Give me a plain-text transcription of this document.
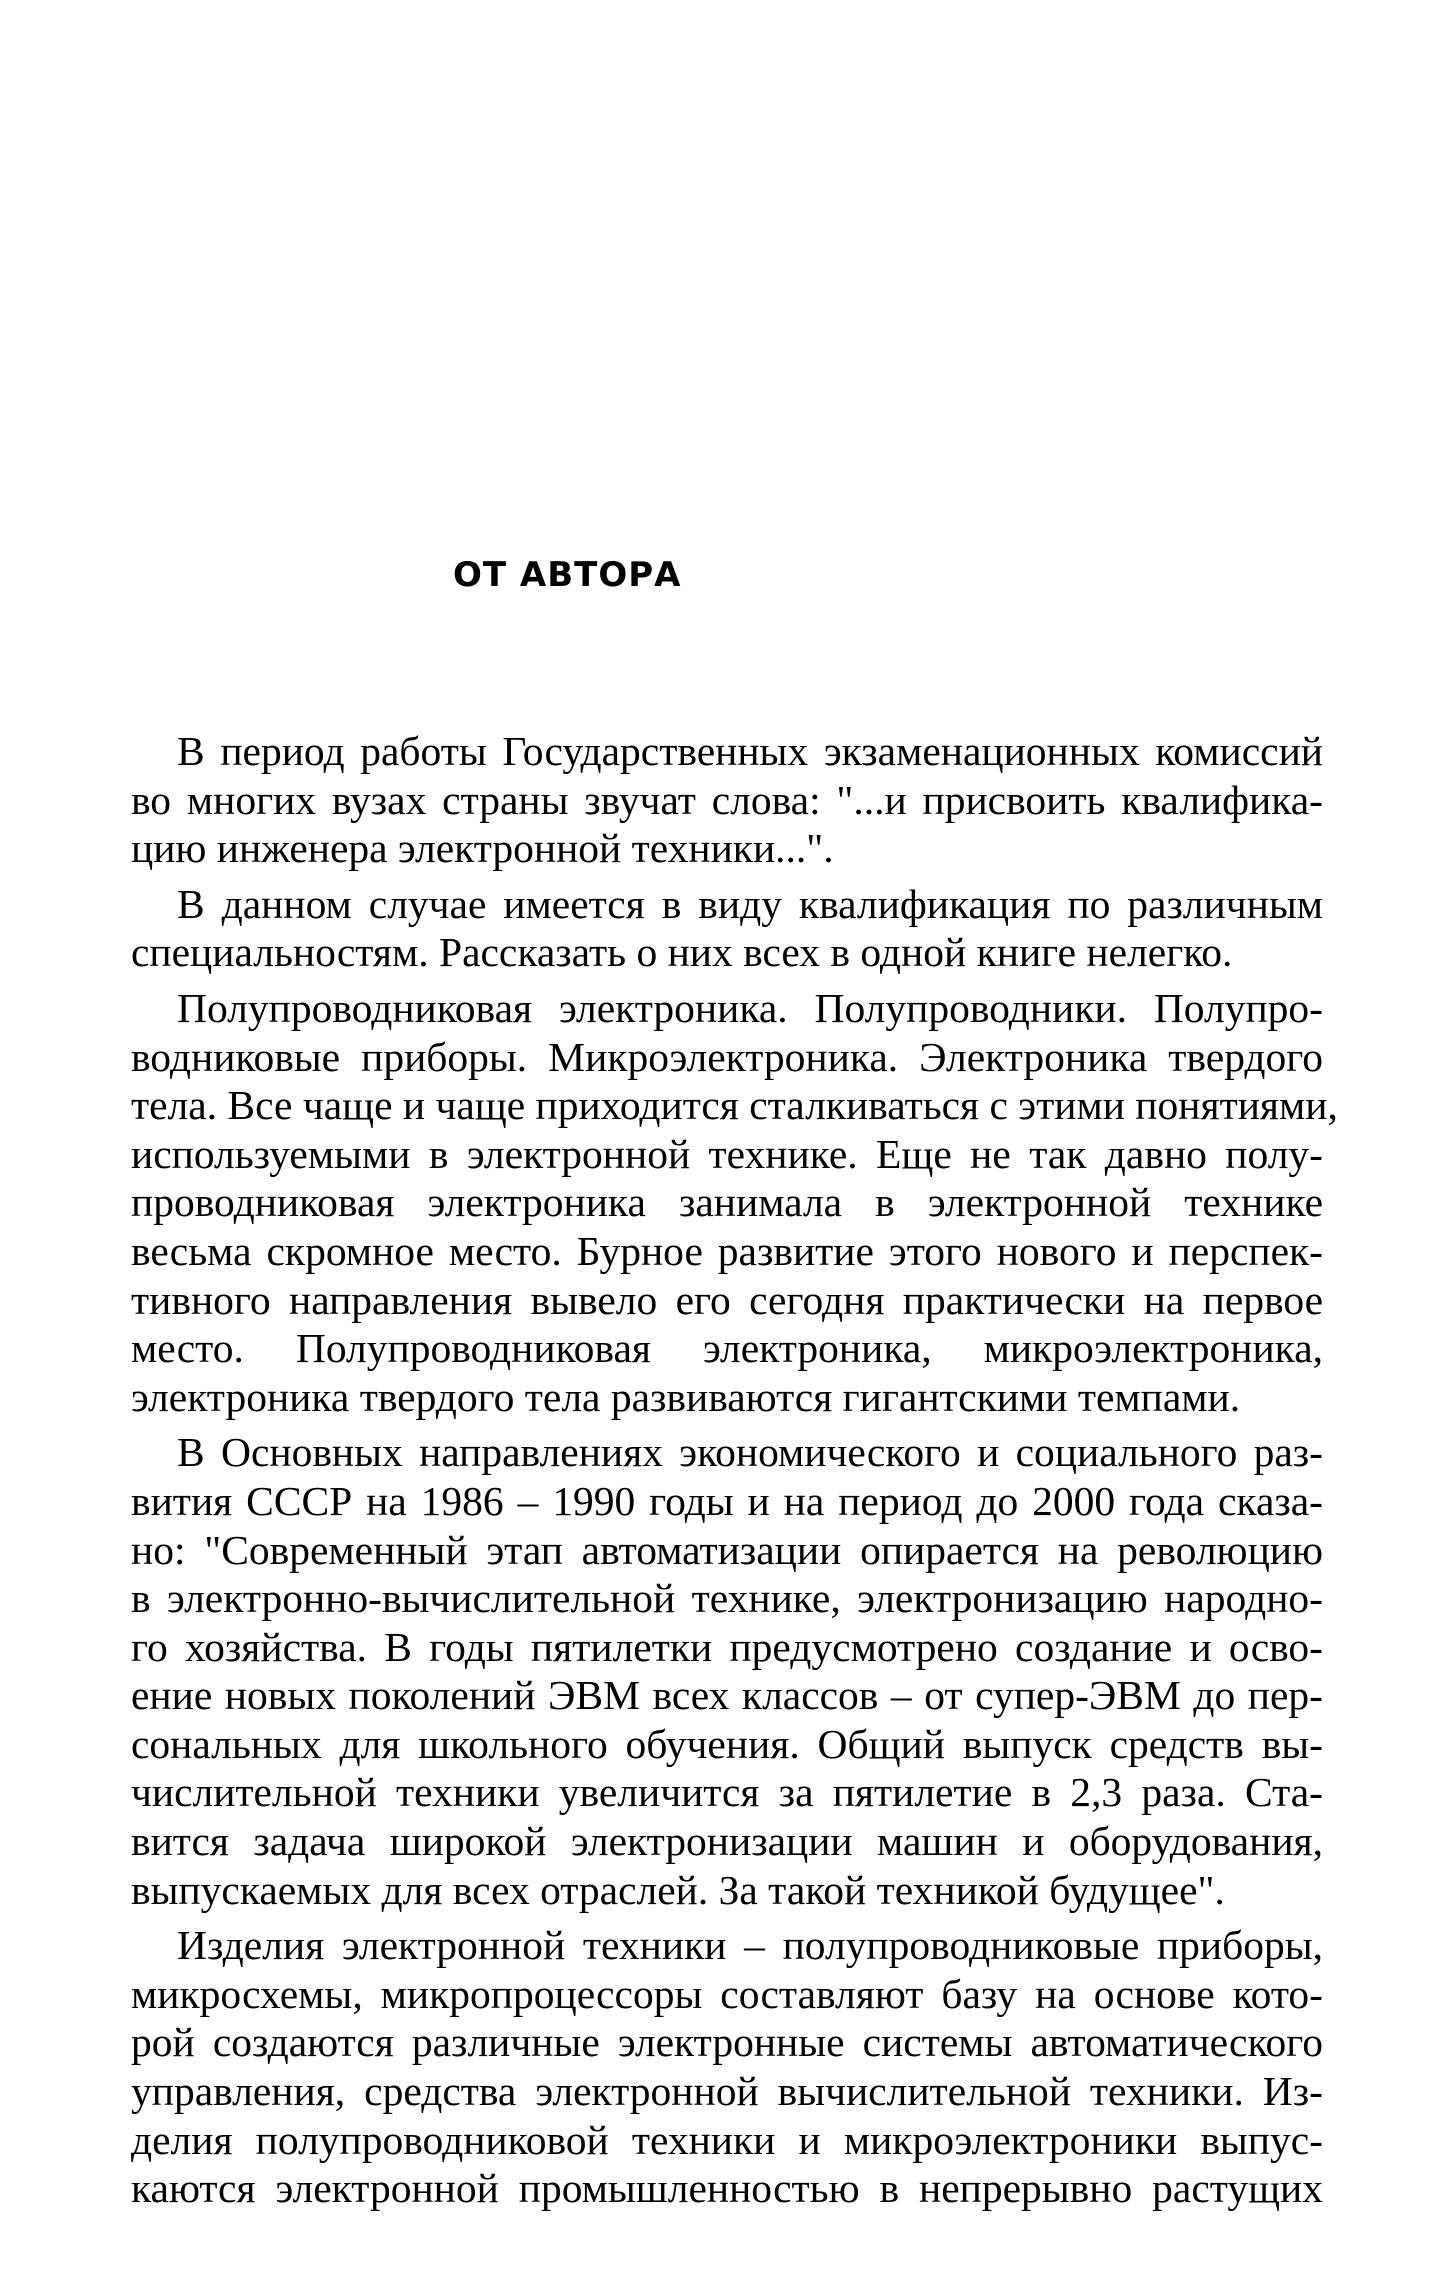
ОТ АВТОРА
В период работы Государственных экзаменационных комиссий
во многих вузах страны звучат слова: "...и присвоить квалифика-
цию инженера электронной техники...".
В данном случае имеется в виду квалификация по различным
специальностям. Рассказать о них всех в одной книге нелегко.
Полупроводниковая электроника. Полупроводники. Полупро-
водниковые приборы. Микроэлектроника. Электроника твердого
тела. Все чаще и чаще приходится сталкиваться с этими понятиями,
используемыми в электронной технике. Еще не так давно полу-
проводниковая электроника занимала в электронной технике
весьма скромное место. Бурное развитие этого нового и перспек-
тивного направления вывело его сегодня практически на первое
место. Полупроводниковая электроника, микроэлектроника,
электроника твердого тела развиваются гигантскими темпами.
В Основных направлениях экономического и социального раз-
вития СССР на 1986 – 1990 годы и на период до 2000 года сказа-
но: "Современный этап автоматизации опирается на революцию
в электронно-вычислительной технике, электронизацию народно-
го хозяйства. В годы пятилетки предусмотрено создание и осво-
ение новых поколений ЭВМ всех классов – от супер-ЭВМ до пер-
сональных для школьного обучения. Общий выпуск средств вы-
числительной техники увеличится за пятилетие в 2,3 раза. Ста-
вится задача широкой электронизации машин и оборудования,
выпускаемых для всех отраслей. За такой техникой будущее".
Изделия электронной техники – полупроводниковые приборы,
микросхемы, микропроцессоры составляют базу на основе кото-
рой создаются различные электронные системы автоматического
управления, средства электронной вычислительной техники. Из-
делия полупроводниковой техники и микроэлектроники выпус-
каются электронной промышленностью в непрерывно растущих
